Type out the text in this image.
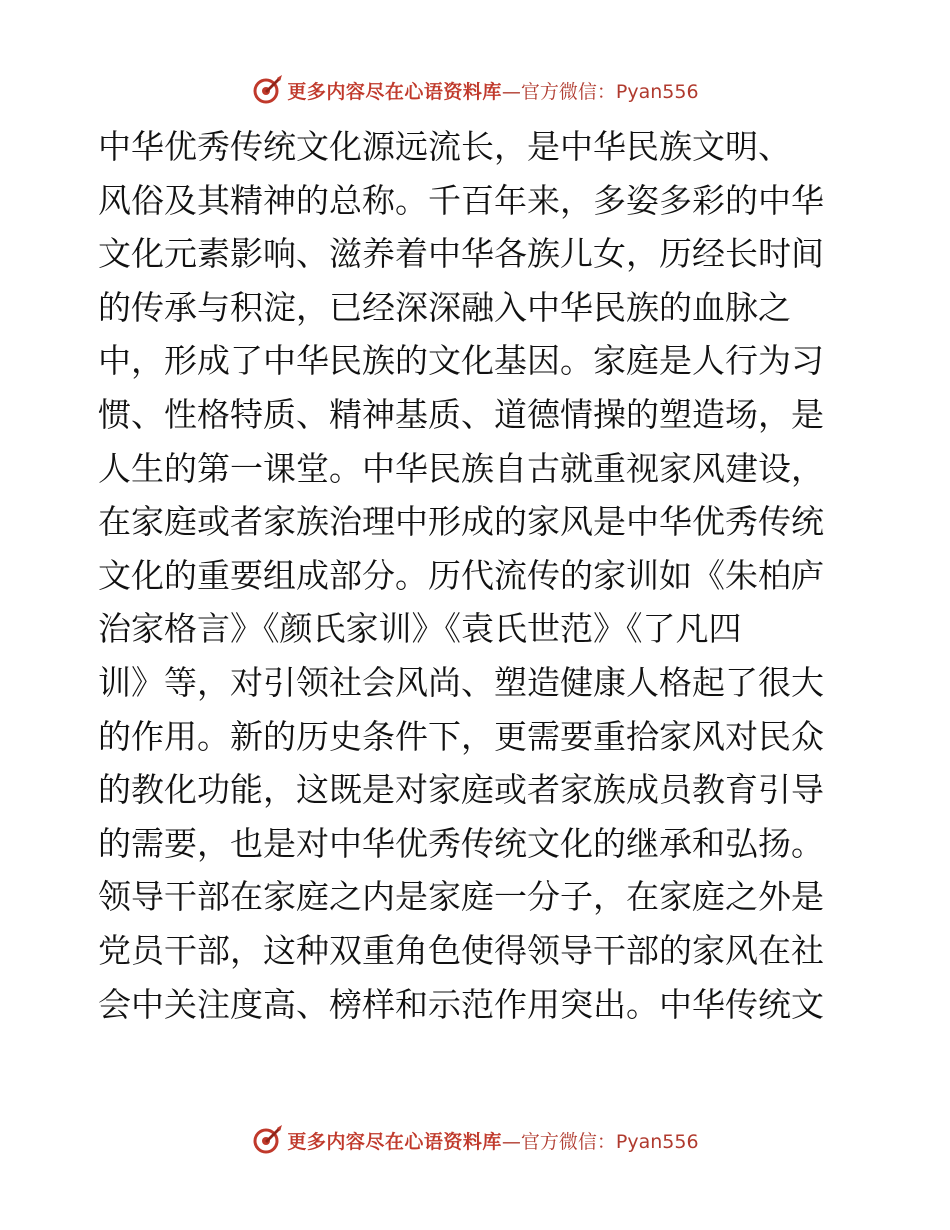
更多内容尽在心语资料库 —官方微信：Pyan556
中华优秀传统文化源远流长，是中华民族文明、
风俗及其精神的总称。千百年来，多姿多彩的中华
文化元素影响、滋养着中华各族儿女，历经长时间
的传承与积淀，已经深深融入中华民族的血脉之
中，形成了中华民族的文化基因。家庭是人行为习
惯、性格特质、精神基质、道德情操的塑造场，是
人生的第一课堂。中华民族自古就重视家风建设，
在家庭或者家族治理中形成的家风是中华优秀传统
文化的重要组成部分。历代流传的家训如《朱柏庐
治家格言》《颜氏家训》《袁氏世范》《了凡四
训》等，对引领社会风尚、塑造健康人格起了很大
的作用。新的历史条件下，更需要重拾家风对民众
的教化功能，这既是对家庭或者家族成员教育引导
的需要，也是对中华优秀传统文化的继承和弘扬。
领导干部在家庭之内是家庭一分子，在家庭之外是
党员干部，这种双重角色使得领导干部的家风在社
会中关注度高、榜样和示范作用突出。中华传统文
更多内容尽在心语资料库 —官方微信：Pyan556
